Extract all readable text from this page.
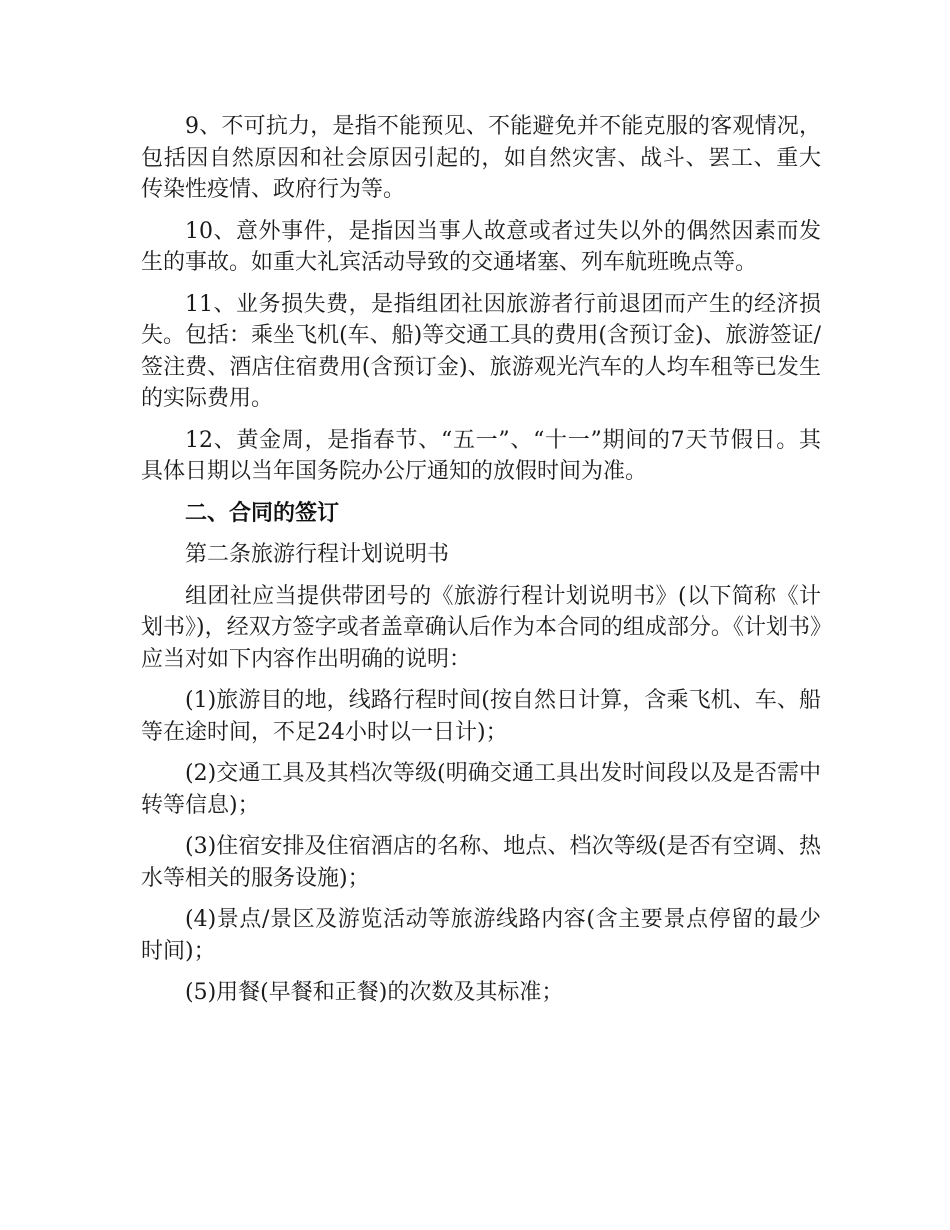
9、不可抗力，是指不能预见、不能避免并不能克服的客观情况，包括因自然原因和社会原因引起的，如自然灾害、战斗、罢工、重大传染性疫情、政府行为等。

10、意外事件，是指因当事人故意或者过失以外的偶然因素而发生的事故。如重大礼宾活动导致的交通堵塞、列车航班晚点等。

11、业务损失费，是指组团社因旅游者行前退团而产生的经济损失。包括：乘坐飞机(车、船)等交通工具的费用(含预订金)、旅游签证/签注费、酒店住宿费用(含预订金)、旅游观光汽车的人均车租等已发生的实际费用。

12、黄金周，是指春节、“五一”、“十一”期间的7天节假日。其具体日期以当年国务院办公厅通知的放假时间为准。

二、合同的签订

第二条旅游行程计划说明书

组团社应当提供带团号的《旅游行程计划说明书》(以下简称《计划书》)，经双方签字或者盖章确认后作为本合同的组成部分。《计划书》应当对如下内容作出明确的说明：

(1)旅游目的地，线路行程时间(按自然日计算，含乘飞机、车、船等在途时间，不足24小时以一日计)；

(2)交通工具及其档次等级(明确交通工具出发时间段以及是否需中转等信息)；

(3)住宿安排及住宿酒店的名称、地点、档次等级(是否有空调、热水等相关的服务设施)；

(4)景点/景区及游览活动等旅游线路内容(含主要景点停留的最少时间)；

(5)用餐(早餐和正餐)的次数及其标准；
